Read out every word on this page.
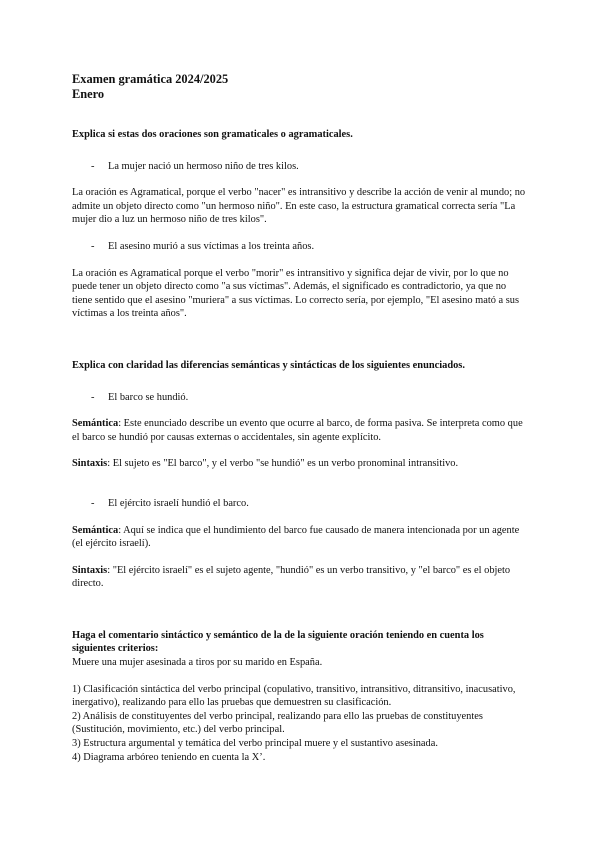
Examen gramática 2024/2025
Enero

Explica si estas dos oraciones son gramaticales o agramaticales.

-	La mujer nació un hermoso niño de tres kilos.

La oración es Agramatical, porque el verbo "nacer" es intransitivo y describe la acción de venir al mundo; no admite un objeto directo como "un hermoso niño". En este caso, la estructura gramatical correcta sería "La mujer dio a luz un hermoso niño de tres kilos".

-	El asesino murió a sus víctimas a los treinta años.

La oración es Agramatical porque el verbo "morir" es intransitivo y significa dejar de vivir, por lo que no puede tener un objeto directo como "a sus víctimas". Además, el significado es contradictorio, ya que no tiene sentido que el asesino "muriera" a sus víctimas. Lo correcto sería, por ejemplo, "El asesino mató a sus víctimas a los treinta años".

Explica con claridad las diferencias semánticas y sintácticas de los siguientes enunciados.

-	El barco se hundió.

Semántica: Este enunciado describe un evento que ocurre al barco, de forma pasiva. Se interpreta como que el barco se hundió por causas externas o accidentales, sin agente explícito.

Sintaxis: El sujeto es "El barco", y el verbo "se hundió" es un verbo pronominal intransitivo.

-	El ejército israelí hundió el barco.

Semántica: Aquí se indica que el hundimiento del barco fue causado de manera intencionada por un agente (el ejército israelí).

Sintaxis: "El ejército israelí" es el sujeto agente, "hundió" es un verbo transitivo, y "el barco" es el objeto directo.

Haga el comentario sintáctico y semántico de la de la siguiente oración teniendo en cuenta los siguientes criterios:

Muere una mujer asesinada a tiros por su marido en España.

1) Clasificación sintáctica del verbo principal (copulativo, transitivo, intransitivo, ditransitivo, inacusativo, inergativo), realizando para ello las pruebas que demuestren su clasificación.

2) Análisis de constituyentes del verbo principal, realizando para ello las pruebas de constituyentes (Sustitución, movimiento, etc.) del verbo principal.

3) Estructura argumental y temática del verbo principal muere y el sustantivo asesinada.

4) Diagrama arbóreo teniendo en cuenta la X’.
